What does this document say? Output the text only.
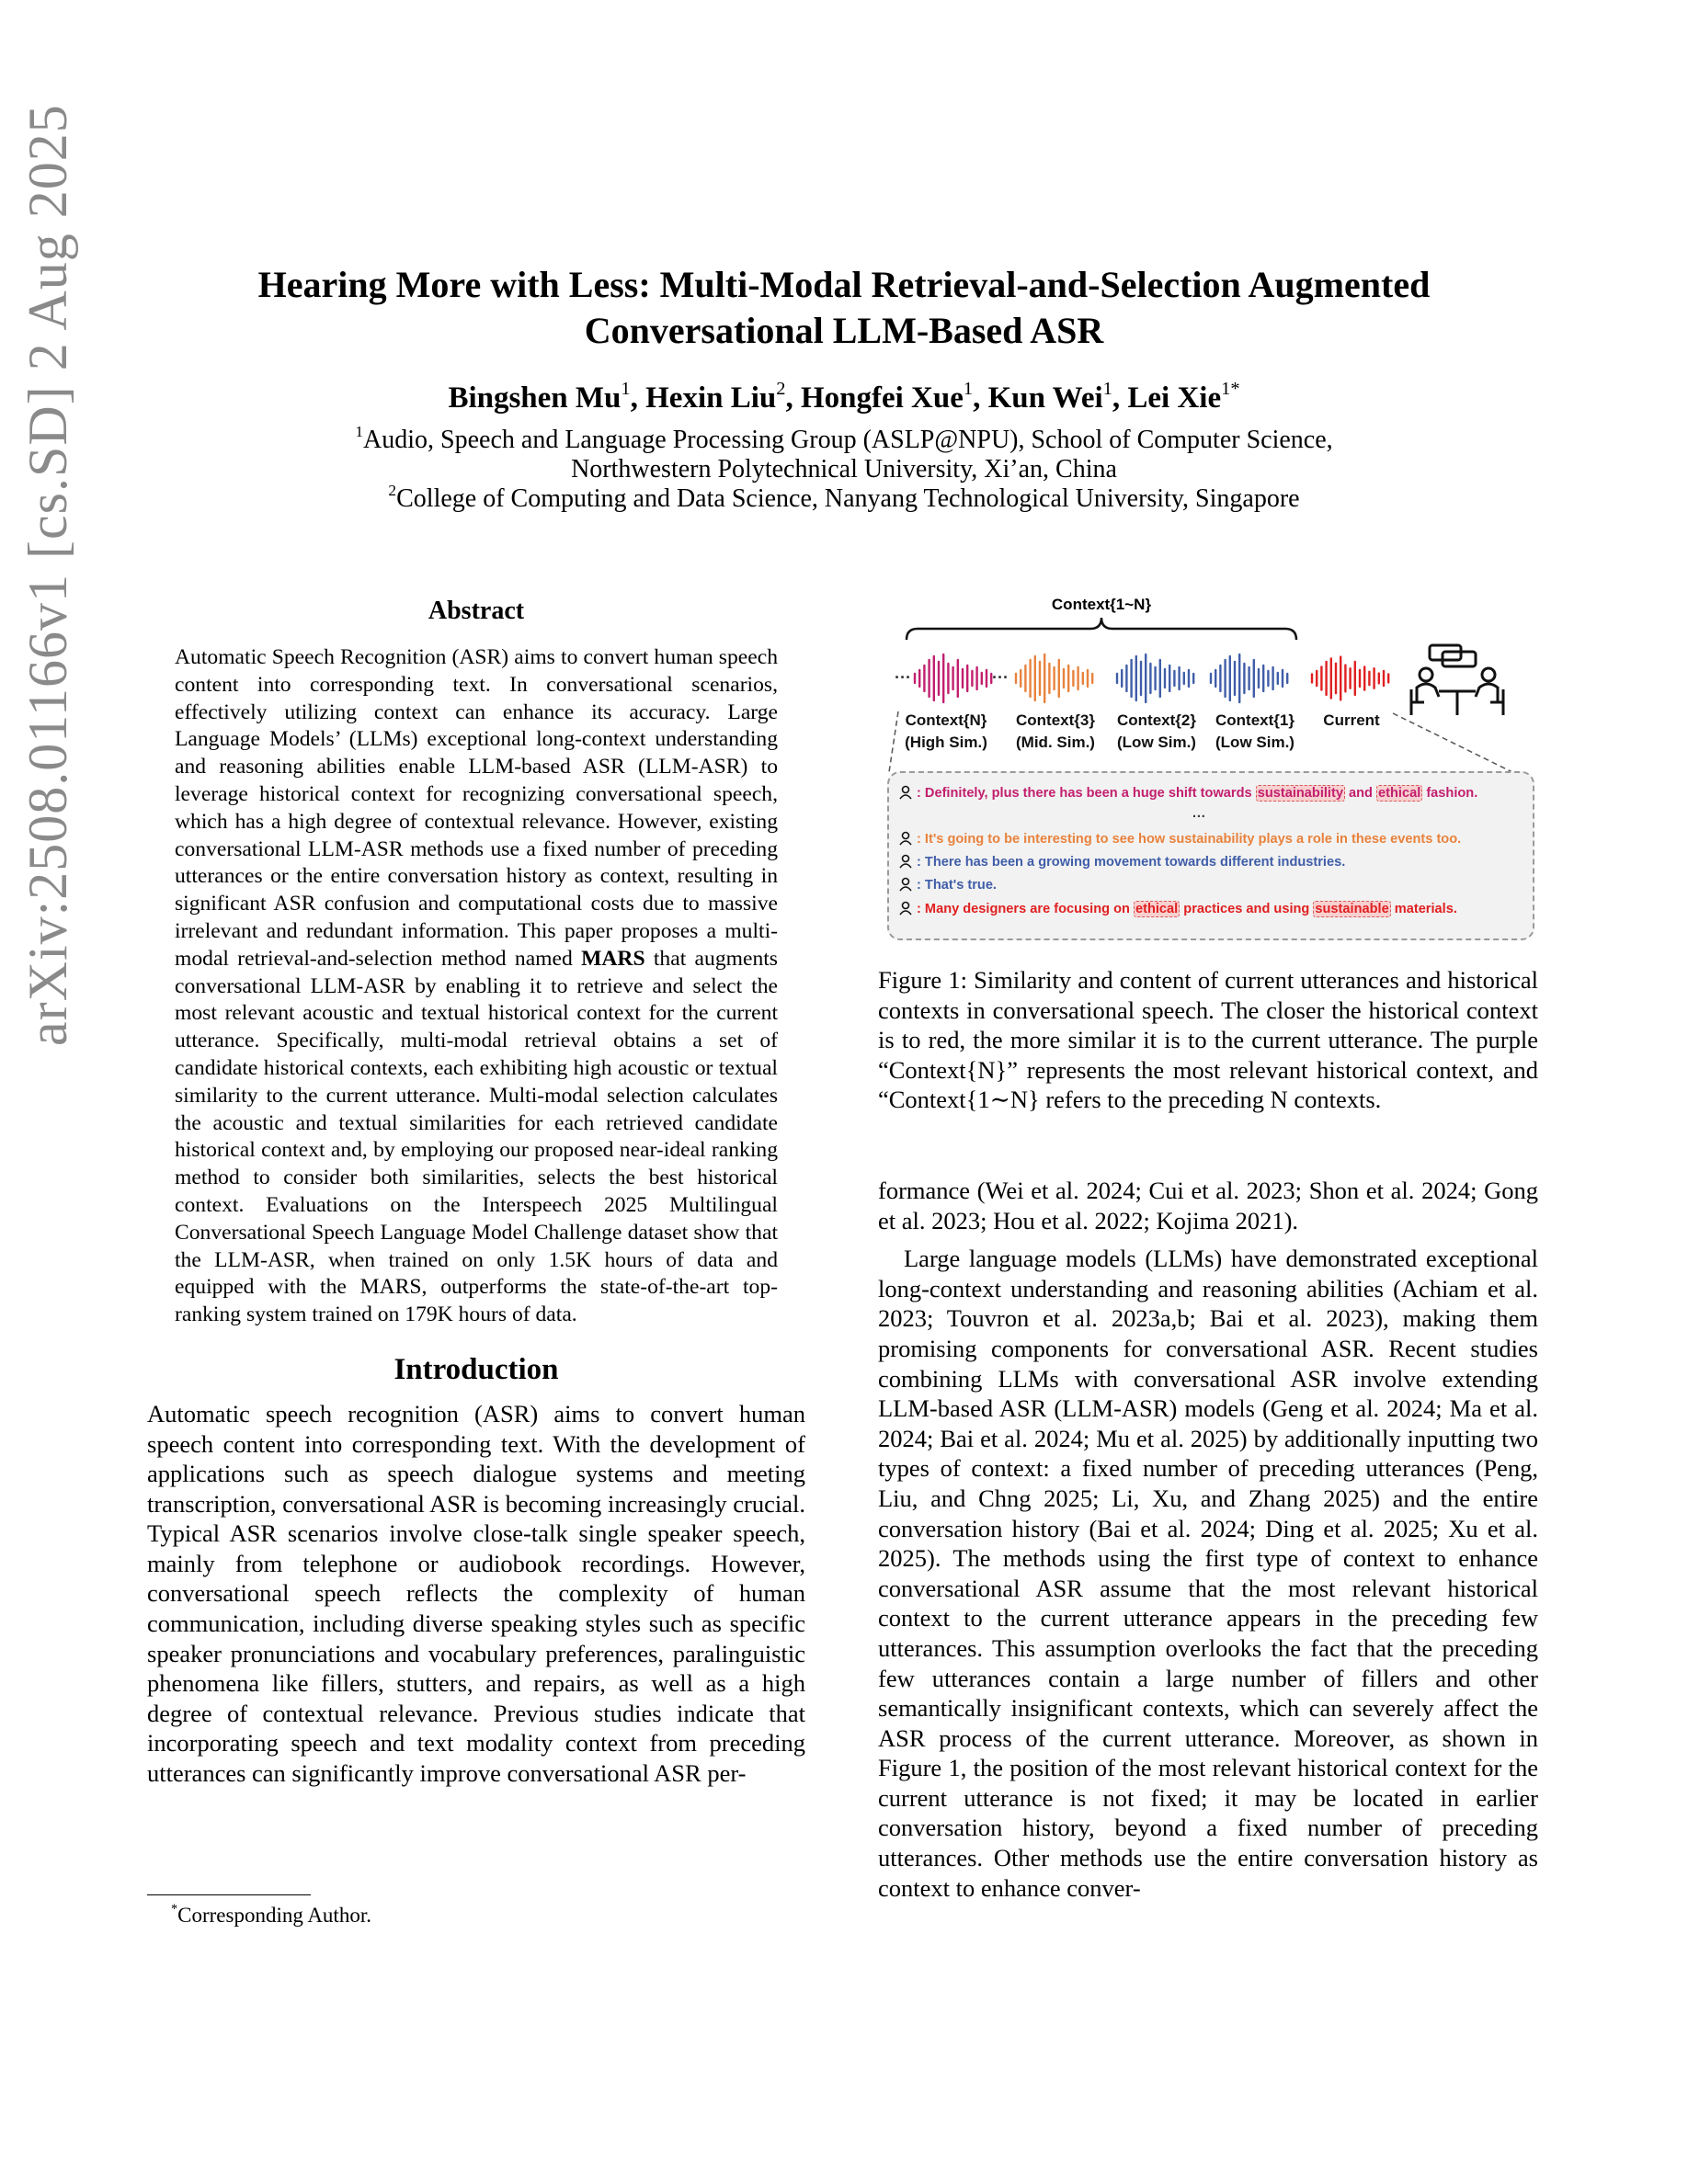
arXiv:2508.01166v1 [cs.SD] 2 Aug 2025	Hearing More with Less: Multi-Modal Retrieval-and-Selection Augmented
Conversational LLM-Based ASR
Bingshen Mu$^1$, Hexin Liu$^2$, Hongfei Xue$^1$, Kun Wei$^1$, Lei Xie$^{1*}$
$^1$Audio, Speech and Language Processing Group (ASLP@NPU), School of Computer Science,
Northwestern Polytechnical University, Xi’an, China
$^2$College of Computing and Data Science, Nanyang Technological University, Singapore
Abstract
Automatic Speech Recognition (ASR) aims to convert human speech content into corresponding text. In conversational scenarios, effectively utilizing context can enhance its accuracy. Large Language Models’ (LLMs) exceptional long-context understanding and reasoning abilities enable LLM-based ASR (LLM-ASR) to leverage historical context for recognizing conversational speech, which has a high degree of contextual relevance. However, existing conversational LLM-ASR methods use a fixed number of preceding utterances or the entire conversation history as context, resulting in significant ASR confusion and computational costs due to massive irrelevant and redundant information. This paper proposes a multi-modal retrieval-and-selection method named MARS that augments conversational LLM-ASR by enabling it to retrieve and select the most relevant acoustic and textual historical context for the current utterance. Specifically, multi-modal retrieval obtains a set of candidate historical contexts, each exhibiting high acoustic or textual similarity to the current utterance. Multi-modal selection calculates the acoustic and textual similarities for each retrieved candidate historical context and, by employing our proposed near-ideal ranking method to consider both similarities, selects the best historical context. Evaluations on the Interspeech 2025 Multilingual Conversational Speech Language Model Challenge dataset show that the LLM-ASR, when trained on only 1.5K hours of data and equipped with the MARS, outperforms the state-of-the-art top-ranking system trained on 179K hours of data.
Introduction

Automatic speech recognition (ASR) aims to convert human speech content into corresponding text. With the development of applications such as speech dialogue systems and meeting transcription, conversational ASR is becoming increasingly crucial. Typical ASR scenarios involve close-talk single speaker speech, mainly from telephone or audiobook recordings. However, conversational speech reflects the complexity of human communication, including diverse speaking styles such as specific speaker pronunciations and vocabulary preferences, paralinguistic phenomena like fillers, stutters, and repairs, as well as a high degree of contextual relevance. Previous studies indicate that incorporating speech and text modality context from preceding utterances can significantly improve conversational ASR per-

*Corresponding Author.
Context{1~N}
···	···
Context{N}
(High Sim.)
Context{3}
(Mid. Sim.)
Context{2}
(Low Sim.)
Context{1}
(Low Sim.)
Current
: Definitely, plus there has been a huge shift towards sustainability and ethical fashion.
···
: It's going to be interesting to see how sustainability plays a role in these events too.
: There has been a growing movement towards different industries.
: That's true.
: Many designers are focusing on ethical practices and using sustainable materials.
Figure 1: Similarity and content of current utterances and historical contexts in conversational speech. The closer the historical context is to red, the more similar it is to the current utterance. The purple “Context{N}” represents the most relevant historical context, and “Context{1∼N} refers to the preceding N contexts.

formance (Wei et al. 2024; Cui et al. 2023; Shon et al. 2024; Gong et al. 2023; Hou et al. 2022; Kojima 2021).

Large language models (LLMs) have demonstrated exceptional long-context understanding and reasoning abilities (Achiam et al. 2023; Touvron et al. 2023a,b; Bai et al. 2023), making them promising components for conversational ASR. Recent studies combining LLMs with conversational ASR involve extending LLM-based ASR (LLM-ASR) models (Geng et al. 2024; Ma et al. 2024; Bai et al. 2024; Mu et al. 2025) by additionally inputting two types of context: a fixed number of preceding utterances (Peng, Liu, and Chng 2025; Li, Xu, and Zhang 2025) and the entire conversation history (Bai et al. 2024; Ding et al. 2025; Xu et al. 2025). The methods using the first type of context to enhance conversational ASR assume that the most relevant historical context to the current utterance appears in the preceding few utterances. This assumption overlooks the fact that the preceding few utterances contain a large number of fillers and other semantically insignificant contexts, which can severely affect the ASR process of the current utterance. Moreover, as shown in Figure 1, the position of the most relevant historical context for the current utterance is not fixed; it may be located in earlier conversation history, beyond a fixed number of preceding utterances. Other methods use the entire conversation history as context to enhance conver-
